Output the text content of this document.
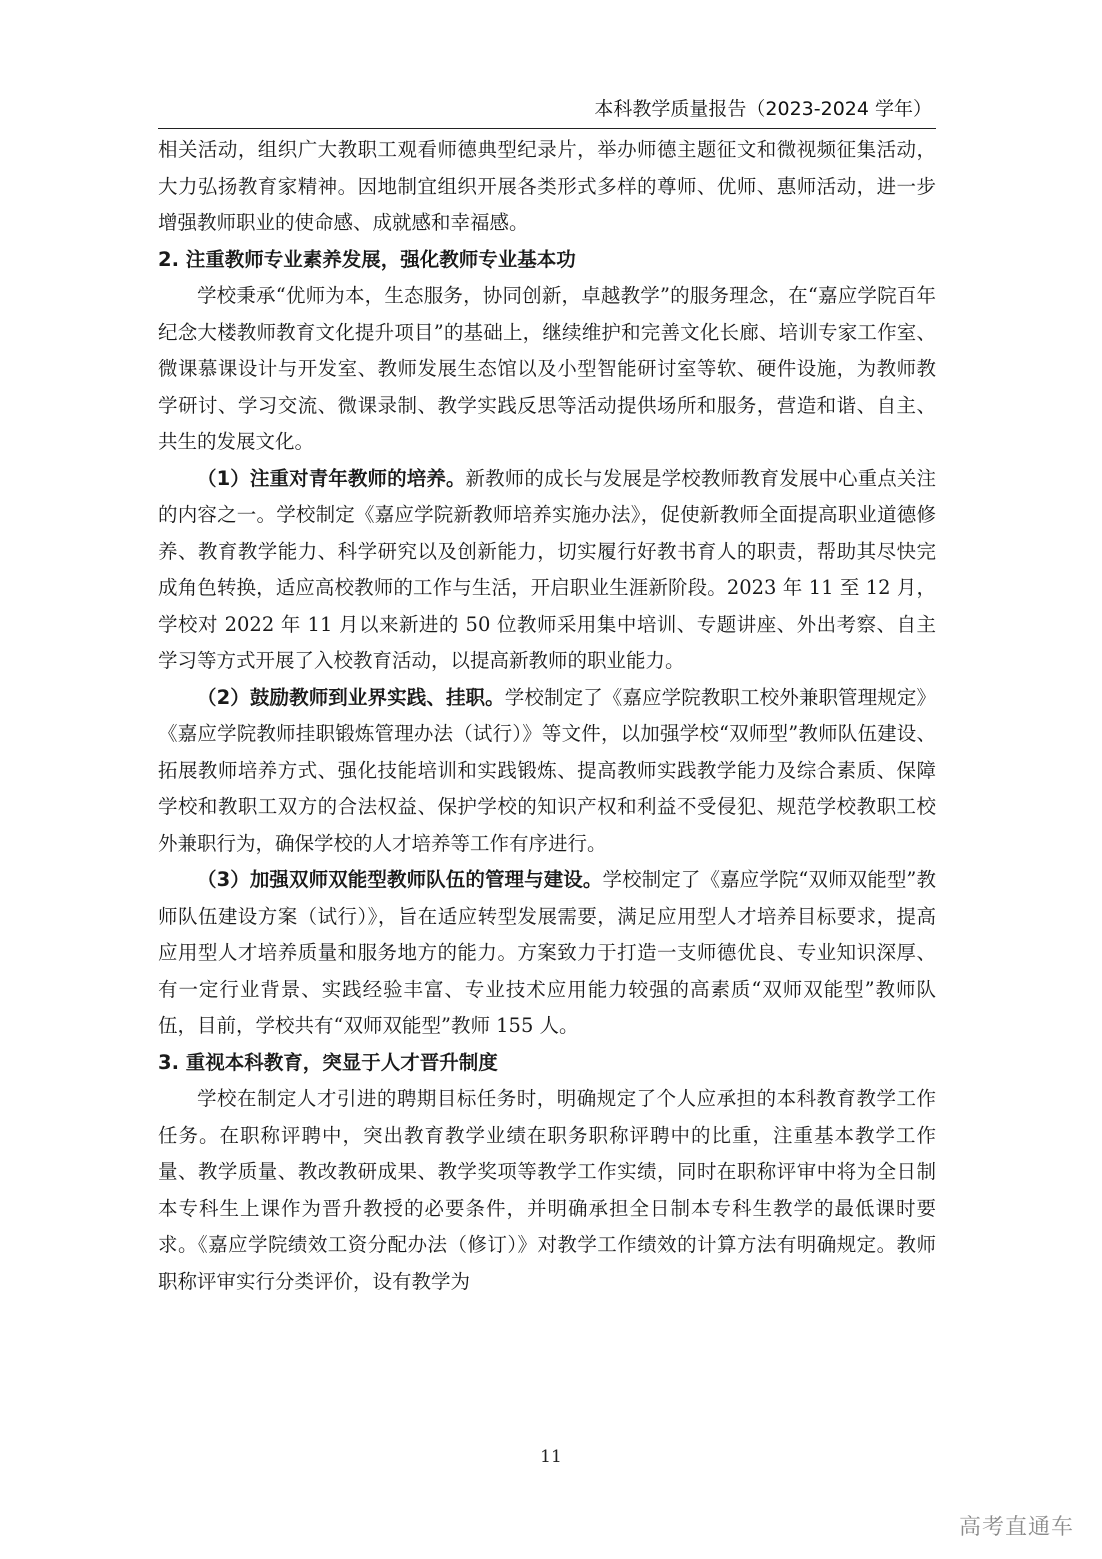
本科教学质量报告（2023-2024 学年）

相关活动，组织广大教职工观看师德典型纪录片，举办师德主题征文和微视频征集活动，大力弘扬教育家精神。因地制宜组织开展各类形式多样的尊师、优师、惠师活动，进一步增强教师职业的使命感、成就感和幸福感。

2. 注重教师专业素养发展，强化教师专业基本功

学校秉承“优师为本，生态服务，协同创新，卓越教学”的服务理念，在“嘉应学院百年纪念大楼教师教育文化提升项目”的基础上，继续维护和完善文化长廊、培训专家工作室、微课慕课设计与开发室、教师发展生态馆以及小型智能研讨室等软、硬件设施，为教师教学研讨、学习交流、微课录制、教学实践反思等活动提供场所和服务，营造和谐、自主、共生的发展文化。

（1）注重对青年教师的培养。新教师的成长与发展是学校教师教育发展中心重点关注的内容之一。学校制定《嘉应学院新教师培养实施办法》，促使新教师全面提高职业道德修养、教育教学能力、科学研究以及创新能力，切实履行好教书育人的职责，帮助其尽快完成角色转换，适应高校教师的工作与生活，开启职业生涯新阶段。2023 年 11 至 12 月，学校对 2022 年 11 月以来新进的 50 位教师采用集中培训、专题讲座、外出考察、自主学习等方式开展了入校教育活动，以提高新教师的职业能力。

（2）鼓励教师到业界实践、挂职。学校制定了《嘉应学院教职工校外兼职管理规定》《嘉应学院教师挂职锻炼管理办法（试行）》等文件，以加强学校“双师型”教师队伍建设、拓展教师培养方式、强化技能培训和实践锻炼、提高教师实践教学能力及综合素质、保障学校和教职工双方的合法权益、保护学校的知识产权和利益不受侵犯、规范学校教职工校外兼职行为，确保学校的人才培养等工作有序进行。

（3）加强双师双能型教师队伍的管理与建设。学校制定了《嘉应学院“双师双能型”教师队伍建设方案（试行）》，旨在适应转型发展需要，满足应用型人才培养目标要求，提高应用型人才培养质量和服务地方的能力。方案致力于打造一支师德优良、专业知识深厚、有一定行业背景、实践经验丰富、专业技术应用能力较强的高素质“双师双能型”教师队伍，目前，学校共有“双师双能型”教师 155 人。

3. 重视本科教育，突显于人才晋升制度

学校在制定人才引进的聘期目标任务时，明确规定了个人应承担的本科教育教学工作任务。在职称评聘中，突出教育教学业绩在职务职称评聘中的比重，注重基本教学工作量、教学质量、教改教研成果、教学奖项等教学工作实绩，同时在职称评审中将为全日制本专科生上课作为晋升教授的必要条件，并明确承担全日制本专科生教学的最低课时要求。《嘉应学院绩效工资分配办法（修订）》对教学工作绩效的计算方法有明确规定。教师职称评审实行分类评价，设有教学为

11
高考直通车
